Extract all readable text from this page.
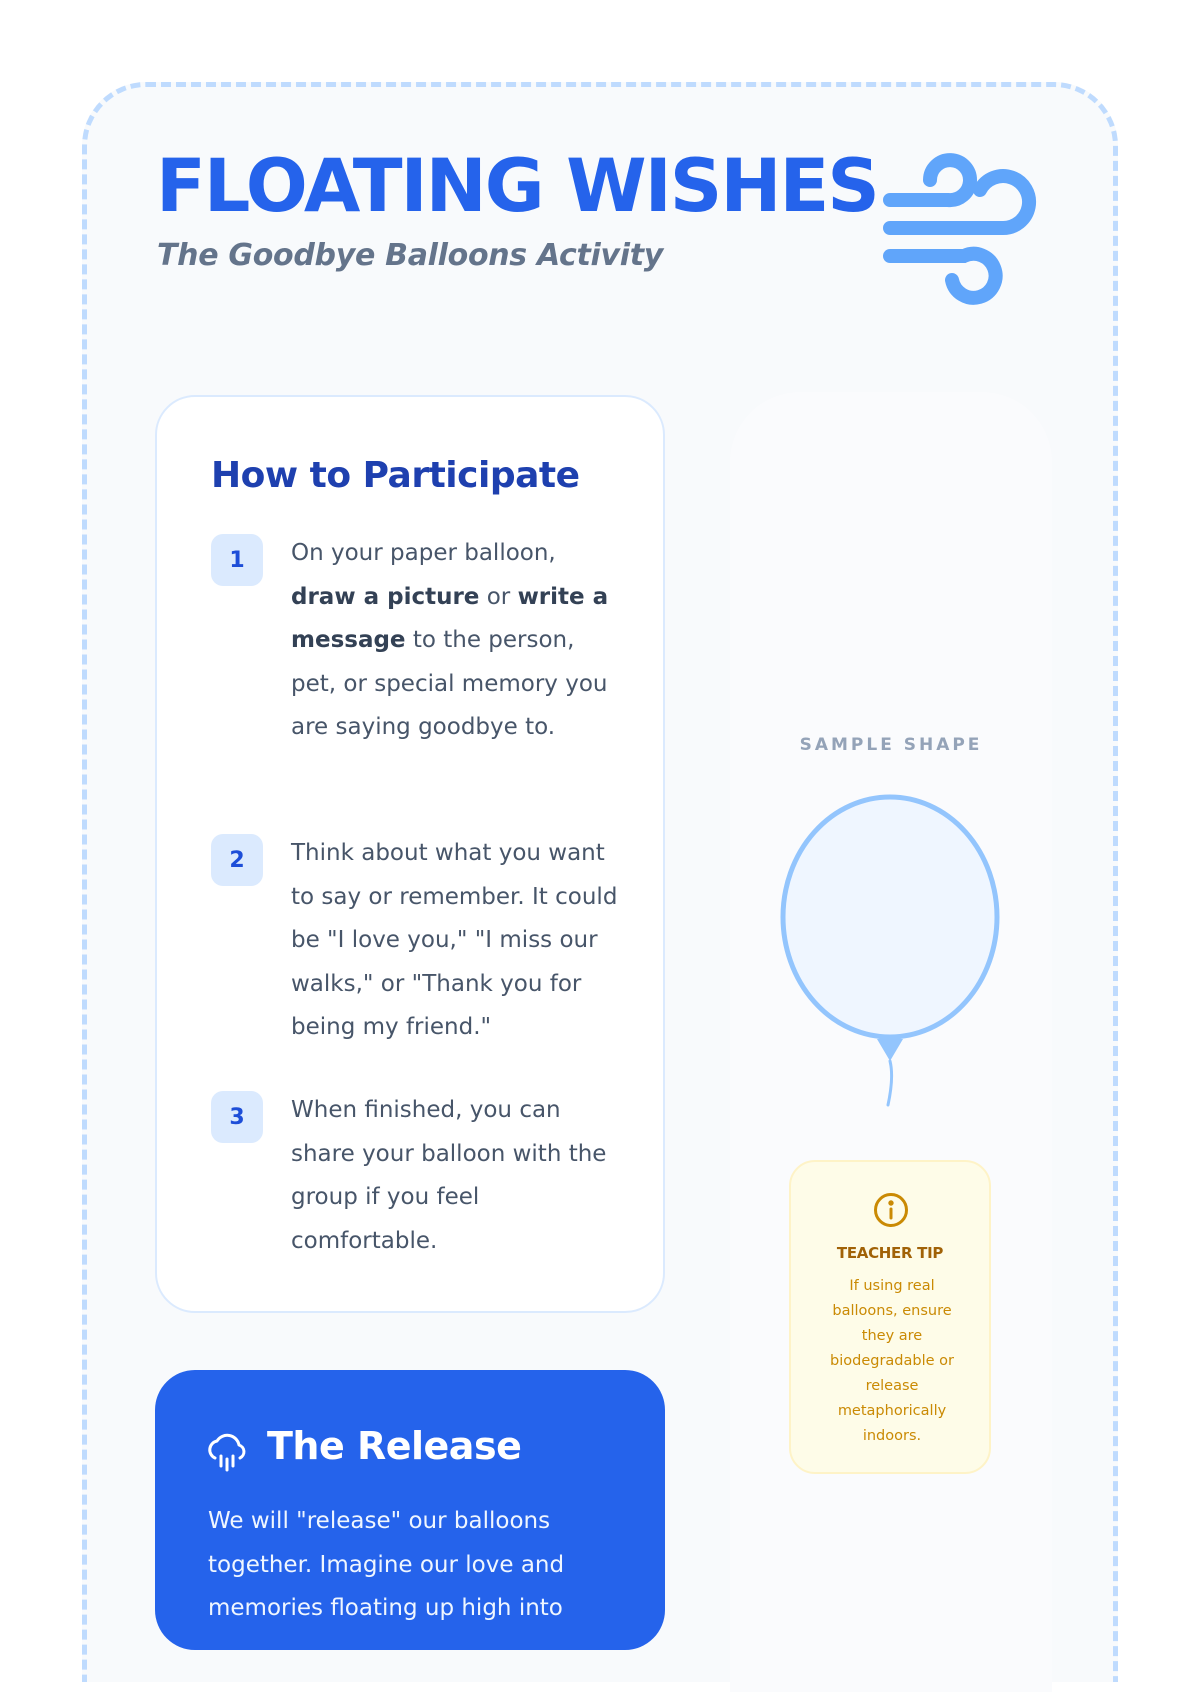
FLOATING WISHES
The Goodbye Balloons Activity
How to Participate
1	On your paper balloon, draw a picture or write a message to the person, pet, or special memory you are saying goodbye to.

2	Think about what you want to say or remember. It could be "I love you," "I miss our walks," or "Thank you for being my friend."

3	When finished, you can share your balloon with the group if you feel comfortable.

The Release

We will "release" our balloons together. Imagine our love and memories floating up high into

SAMPLE SHAPE
TEACHER TIP

If using real balloons, ensure they are biodegradable or release metaphorically indoors.
